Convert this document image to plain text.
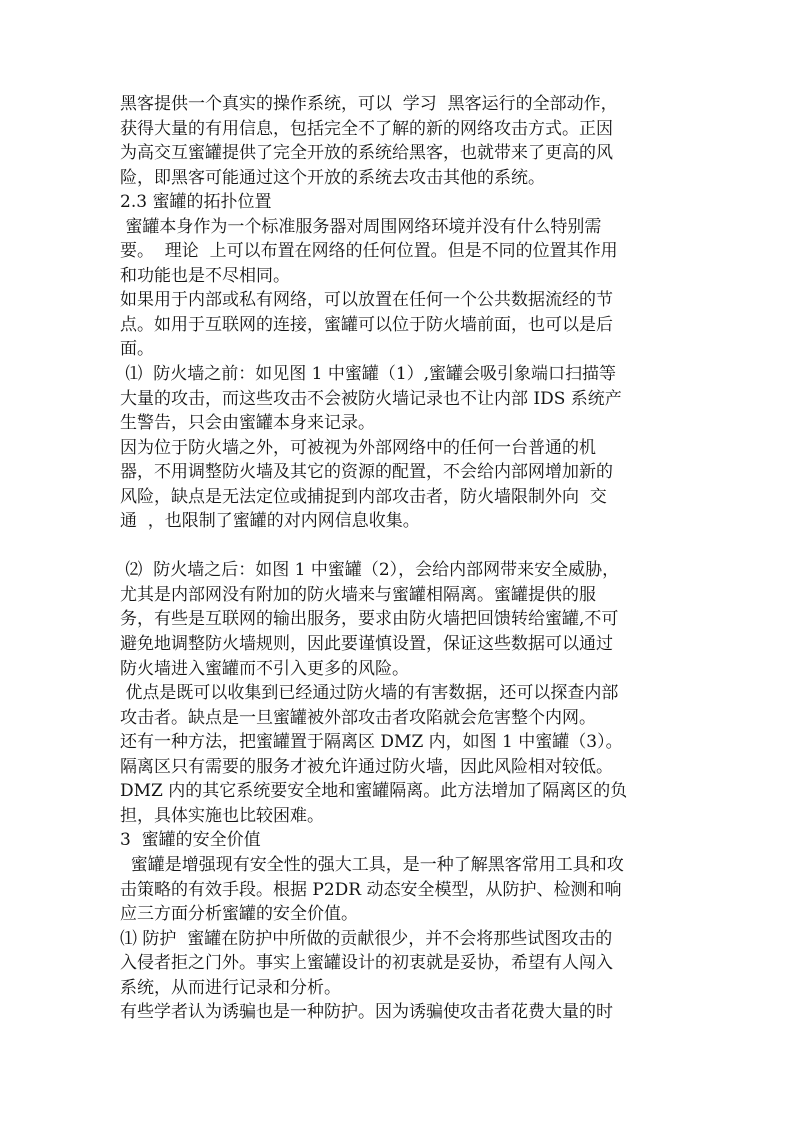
黑客提供一个真实的操作系统，可以  学习  黑客运行的全部动作，
获得大量的有用信息，包括完全不了解的新的网络攻击方式。正因
为高交互蜜罐提供了完全开放的系统给黑客，也就带来了更高的风
险，即黑客可能通过这个开放的系统去攻击其他的系统。
2.3 蜜罐的拓扑位置
蜜罐本身作为一个标准服务器对周围网络环境并没有什么特别需
要。  理论  上可以布置在网络的任何位置。但是不同的位置其作用
和功能也是不尽相同。
如果用于内部或私有网络，可以放置在任何一个公共数据流经的节
点。如用于互联网的连接，蜜罐可以位于防火墙前面，也可以是后
面。
⑴  防火墙之前：如见图 1 中蜜罐（1）,蜜罐会吸引象端口扫描等
大量的攻击，而这些攻击不会被防火墙记录也不让内部 IDS 系统产
生警告，只会由蜜罐本身来记录。
因为位于防火墙之外，可被视为外部网络中的任何一台普通的机
器，不用调整防火墙及其它的资源的配置，不会给内部网增加新的
风险，缺点是无法定位或捕捉到内部攻击者，防火墙限制外向  交
通  ，也限制了蜜罐的对内网信息收集。
⑵  防火墙之后：如图 1 中蜜罐（2），会给内部网带来安全威胁，
尤其是内部网没有附加的防火墙来与蜜罐相隔离。蜜罐提供的服
务，有些是互联网的输出服务，要求由防火墙把回馈转给蜜罐,不可
避免地调整防火墙规则，因此要谨慎设置，保证这些数据可以通过
防火墙进入蜜罐而不引入更多的风险。
优点是既可以收集到已经通过防火墙的有害数据，还可以探查内部
攻击者。缺点是一旦蜜罐被外部攻击者攻陷就会危害整个内网。
还有一种方法，把蜜罐置于隔离区 DMZ 内，如图 1 中蜜罐（3）。
隔离区只有需要的服务才被允许通过防火墙，因此风险相对较低。
DMZ 内的其它系统要安全地和蜜罐隔离。此方法增加了隔离区的负
担，具体实施也比较困难。
3  蜜罐的安全价值
蜜罐是增强现有安全性的强大工具，是一种了解黑客常用工具和攻
击策略的有效手段。根据 P2DR 动态安全模型，从防护、检测和响
应三方面分析蜜罐的安全价值。
⑴ 防护  蜜罐在防护中所做的贡献很少，并不会将那些试图攻击的
入侵者拒之门外。事实上蜜罐设计的初衷就是妥协，希望有人闯入
系统，从而进行记录和分析。
有些学者认为诱骗也是一种防护。因为诱骗使攻击者花费大量的时
